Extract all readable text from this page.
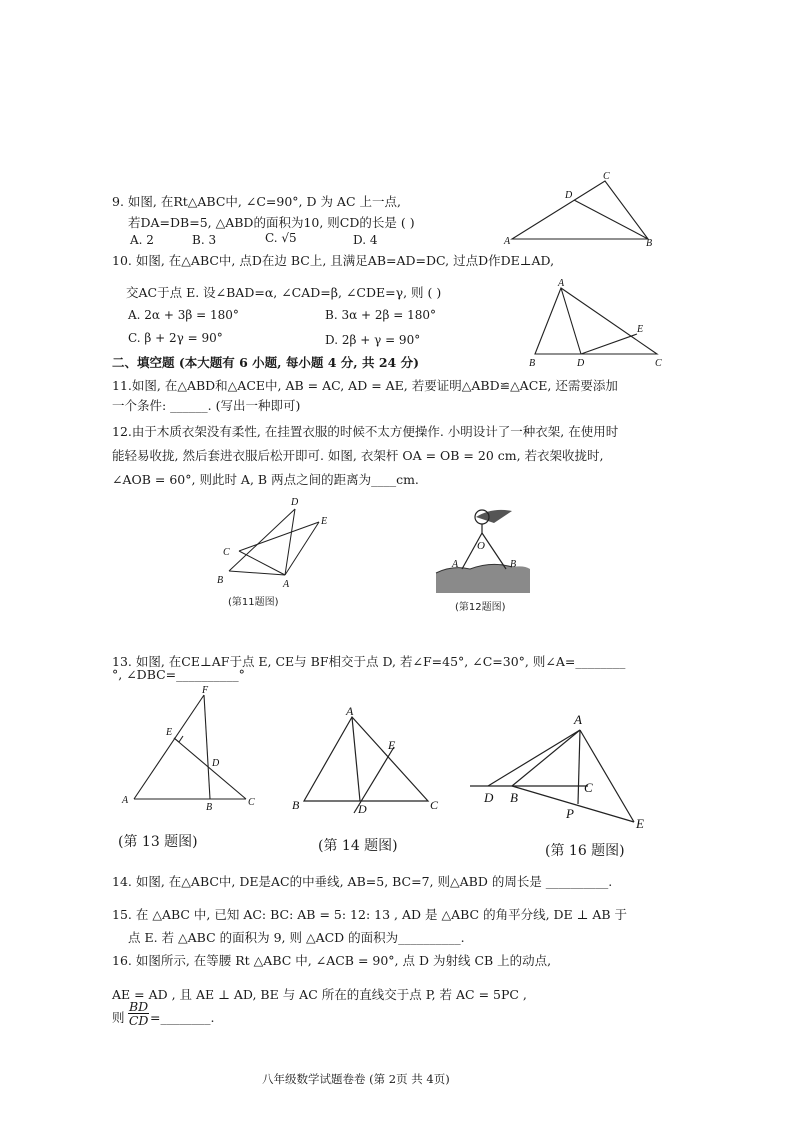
9. 如图, 在Rt△ABC中, ∠C=90°, D 为 AC 上一点,
若DA=DB=5, △ABD的面积为10, 则CD的长是 ( )
A. 2	B. 3	C. √5	D. 4
C
D
A	B
10. 如图, 在△ABC中, 点D在边 BC上, 且满足AB=AD=DC, 过点D作DE⊥AD,
交AC于点 E. 设∠BAD=α, ∠CAD=β, ∠CDE=γ, 则 ( )
A. 2α + 3β = 180°	B. 3α + 2β = 180°
C. β + 2γ = 90°	D. 2β + γ = 90°
A
E
B	D	C
二、填空题 (本大题有 6 小题, 每小题 4 分, 共 24 分)
11.如图, 在△ABD和△ACE中, AB = AC, AD = AE, 若要证明△ABD≌△ACE, 还需要添加
一个条件: ______. (写出一种即可)
12.由于木质衣架没有柔性, 在挂置衣服的时候不太方便操作. 小明设计了一种衣架, 在使用时
能轻易收拢, 然后套进衣服后松开即可. 如图, 衣架杆 OA = OB = 20 cm, 若衣架收拢时,
∠AOB = 60°, 则此时 A, B 两点之间的距离为____cm.
D
E
C
B	A
(第11题图)
O
A	B
(第12题图)
13. 如图, 在CE⊥AF于点 E, CE与 BF相交于点 D, 若∠F=45°, ∠C=30°, 则∠A=________
°, ∠DBC=__________°
F
E
D
A
B	C
(第 13 题图)
A
E
B	D	C
(第 14 题图)
A
C
D B
P
E
(第 16 题图)
14. 如图, 在△ABC中, DE是AC的中垂线, AB=5, BC=7, 则△ABD 的周长是 __________.
15. 在 △ABC 中, 已知 AC: BC: AB = 5: 12: 13 , AD 是 △ABC 的角平分线, DE ⊥ AB 于
点 E. 若 △ABC 的面积为 9, 则 △ACD 的面积为__________.
16. 如图所示, 在等腰 Rt △ABC 中, ∠ACB = 90°, 点 D 为射线 CB 上的动点,
AE = AD , 且 AE ⊥ AD, BE 与 AC 所在的直线交于点 P, 若 AC = 5PC ,
则 $\frac{BD}{CD}$ =________.
八年级数学试题卷卷 (第 2页 共 4页)
